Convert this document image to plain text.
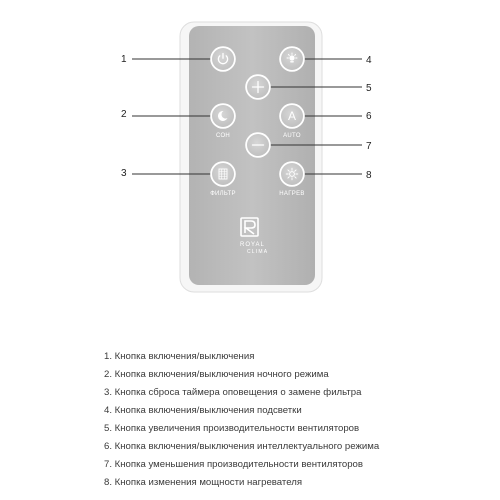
СОН
A
AUTO
ФИЛЬТР	НАГРЕВ
ROYAL
CLIMA
1
2
3
4
5
6
7
8
1. Кнопка включения/выключения
2. Кнопка включения/выключения ночного режима
3. Кнопка сброса таймера оповещения о замене фильтра
4. Кнопка включения/выключения подсветки
5. Кнопка увеличения производительности вентиляторов
6. Кнопка включения/выключения интеллектуального режима
7. Кнопка уменьшения производительности вентиляторов
8. Кнопка изменения мощности нагревателя
